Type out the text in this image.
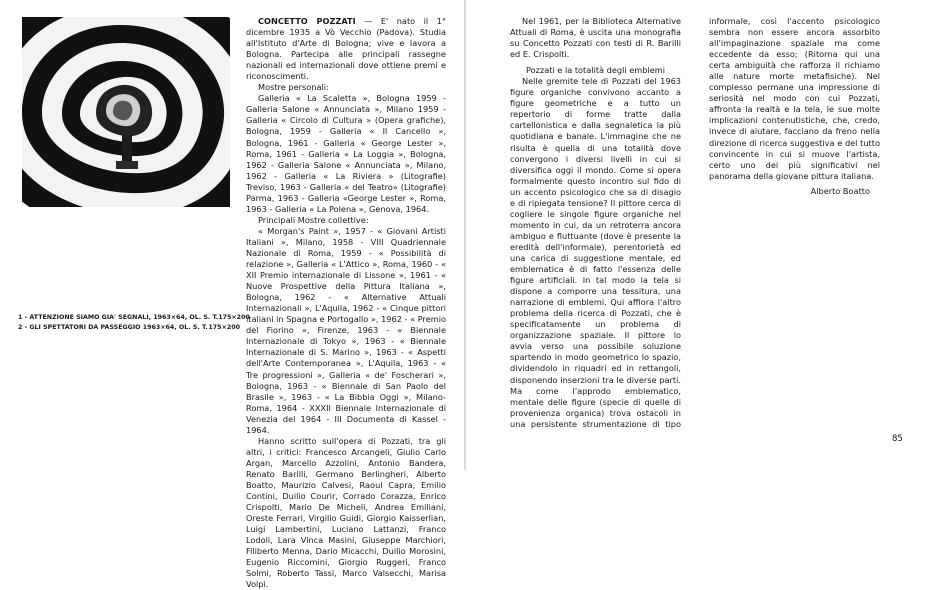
1 - ATTENZIONE SIAMO GIA' SEGNALI, 1963×64, OL. S. T. 175×200
2 - GLI SPETTATORI DA PASSEGGIO 1963×64, OL. S. T. 175×200

CONCETTO POZZATI — E' nato il 1° dicembre 1935 a Vò Vecchio (Padova). Studia all'Istituto d'Arte di Bologna; vive e lavora a Bologna. Partecipa alle principali rassegne nazionali ed internazionali dove ottiene premi e riconoscimenti.

Mostre personali:

Galleria « La Scaletta », Bologna 1959 - Galleria Salone « Annunciata », Milano 1959 - Galleria « Circolo di Cultura » (Opera grafiche), Bologna, 1959 - Galleria « Il Cancello », Bologna, 1961 - Galleria « George Lester », Roma, 1961 - Galleria « La Loggia », Bologna, 1962 - Galleria Salone « Annunciata », Milano, 1962 - Galleria « La Riviera » (Litografie) Treviso, 1963 - Galleria « del Teatro» (Litografie) Parma, 1963 - Galleria «George Lester », Roma, 1963 - Galleria « La Polena », Genova, 1964.

Principali Mostre collettive:

« Morgan's Paint », 1957 - « Giovani Artisti Italiani », Milano, 1958 - VIII Quadriennale Nazionale di Roma, 1959 - « Possibilità di relazione », Galleria « L'Attico », Roma, 1960 - « XII Premio internazionale di Lissone », 1961 - « Nuove Prospettive della Pittura Italiana », Bologna, 1962 - « Alternative Attuali Internazionali », L'Aquila, 1962 - « Cinque pittori italiani in Spagna e Portogallo », 1962 - « Premio del Fiorino », Firenze, 1963 - « Biennale Internazionale di Tokyo », 1963 - « Biennale Internazionale di S. Marino », 1963 - « Aspetti dell'Arte Contemporanea », L'Aquila, 1963 - « Tre progressioni », Galleria « de' Foscherari », Bologna, 1963 - « Biennale di San Paolo del Brasile », 1963 - « La Bibbia Oggi », Milano-Roma, 1964 - XXXII Biennale Internazionale di Venezia del 1964 - III Documenta di Kassel - 1964.

Hanno scritto sull'opera di Pozzati, tra gli altri, i critici: Francesco Arcangeli, Giulio Carlo Argan, Marcello Azzolini, Antonio Bandera, Renato Barilli, Germano Berlingheri, Alberto Boatto, Maurizio Calvesi, Raoul Capra, Emilio Contini, Duilio Courir, Corrado Corazza, Enrico Crispolti, Mario De Micheli, Andrea Emiliani, Oreste Ferrari, Virgilio Guidi, Giorgio Kaisserlian, Luigi Lambertini, Luciano Lattanzi, Franco Lodoli, Lara Vinca Masini, Giuseppe Marchiori, Filiberto Menna, Dario Micacchi, Duilio Morosini, Eugenio Riccomini, Giorgio Ruggeri, Franco Solmi, Roberto Tassi, Marco Valsecchi, Marisa Volpi.

Nel 1961, per la Biblioteca Alternative Attuali di Roma, è uscita una monografia su Concetto Pozzati con testi di R. Barilli ed E. Crispolti.

Pozzati e la totalità degli emblemi

Nelle gremite tele di Pozzati del 1963 figure organiche convivono accanto a figure geometriche e a tutto un repertorio di forme tratte dalla cartellonistica e dalla segnaletica la più quotidiana e banale. L'immagine che ne risulta è quella di una totalità dove convergono i diversi livelli in cui si diversifica oggi il mondo. Come si opera formalmente questo incontro sul fido di un accento psicologico che sa di disagio e di ripiegata tensione? Il pittore cerca di cogliere le singole figure organiche nel momento in cui, da un retroterra ancora ambiguo e fluttuante (dove è presente la eredità dell'informale), perentorietà ed una carica di suggestione mentale, ed emblematica è di fatto l'essenza delle figure artificiali. In tal modo la tela si dispone a comporre una tessitura, una narrazione di emblemi. Qui affiora l'altro problema della ricerca di Pozzati, che è specificatamente un problema di organizzazione spaziale. Il pittore lo avvia verso una possibile soluzione spartendo in modo geometrico lo spazio, dividendolo in riquadri ed in rettangoli, disponendo inserzioni tra le diverse parti. Ma come l'approdo emblematico, mentale delle figure (specie di quelle di provenienza organica) trova ostacoli in una persistente strumentazione di tipo informale, così l'accento psicologico sembra non essere ancora assorbito all'impaginazione spaziale ma come eccedente da esso; (Ritorna qui una certa ambiguità che rafforza il richiamo alle nature morte metafisiche). Nel complesso permane una impressione di seriosità nel modo con cui Pozzati, affronta la realtà e la tela, le sue molte implicazioni contenutistiche, che, credo, invece di aiutare, facciano da freno nella direzione di ricerca suggestiva e del tutto convincente in cui si muove l'artista, certo uno dei più significativi nel panorama della giovane pittura italiana.

Alberto Boatto

85
